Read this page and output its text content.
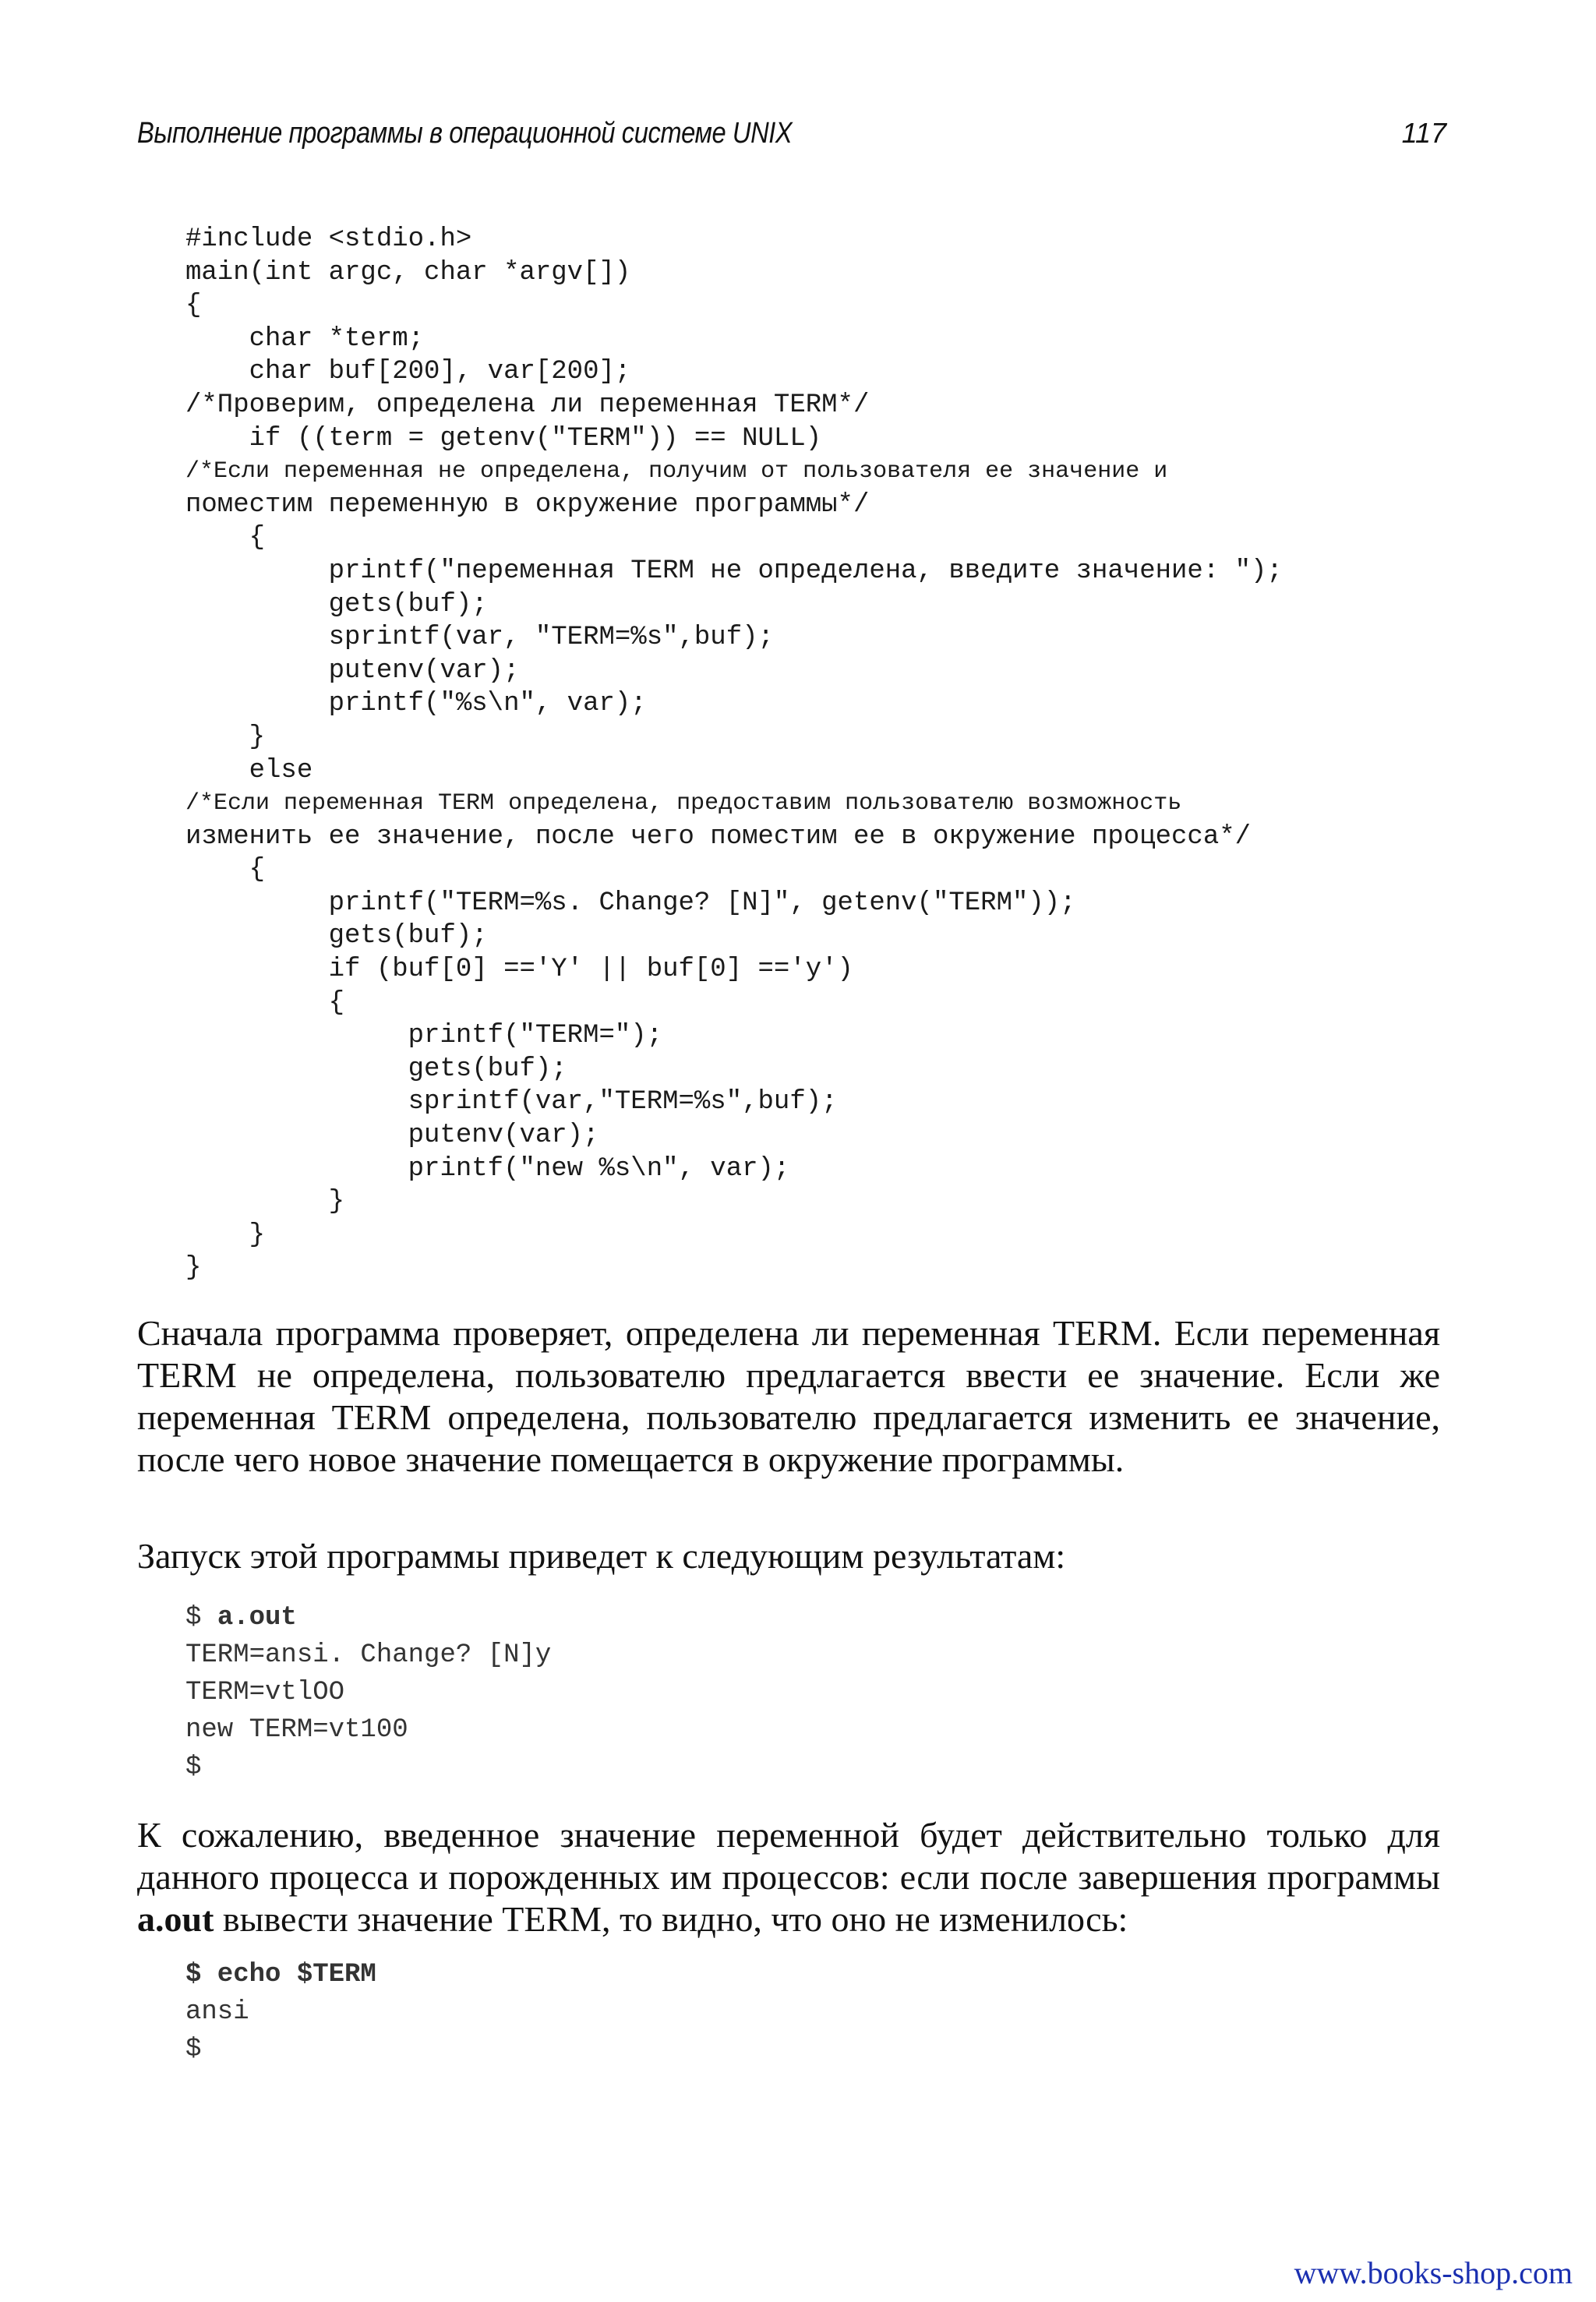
Выполнение программы в операционной системе UNIX	117
#include <stdio.h>
main(int argc, char *argv[])
{
char *term;
char buf[200], var[200];
/*Проверим, определена ли переменная TERM*/
if ((term = getenv("TERM")) == NULL)
/*Если переменная не определена, получим от пользователя ее значение и
поместим переменную в окружение программы*/
{
printf("переменная TERM не определена, введите значение: ");
gets(buf);
sprintf(var, "TERM=%s",buf);
putenv(var);
printf("%s\n", var);
}
else
/*Если переменная TERM определена, предоставим пользователю возможность
изменить ее значение, после чего поместим ее в окружение процесса*/
{
printf("TERM=%s. Change? [N]", getenv("TERM"));
gets(buf);
if (buf[0] =='Y' || buf[0] =='y')
{
printf("TERM=");
gets(buf);
sprintf(var,"TERM=%s",buf);
putenv(var);
printf("new %s\n", var);
}
}
}

Сначала программа проверяет, определена ли переменная TERM. Если переменная TERM не определена, пользователю предлагается ввести ее значение. Если же переменная TERM определена, пользователю предлагается изменить ее значение, после чего новое значение помещается в окружение программы.

Запуск этой программы приведет к следующим результатам:

$ a.out
TERM=ansi. Change? [N]y
TERM=vtlOO
new TERM=vt100
$

К сожалению, введенное значение переменной будет действительно только для данного процесса и порожденных им процессов: если после завершения программы a.out вывести значение TERM, то видно, что оно не изменилось:

$ echo $TERM
ansi
$
www.books-shop.com
